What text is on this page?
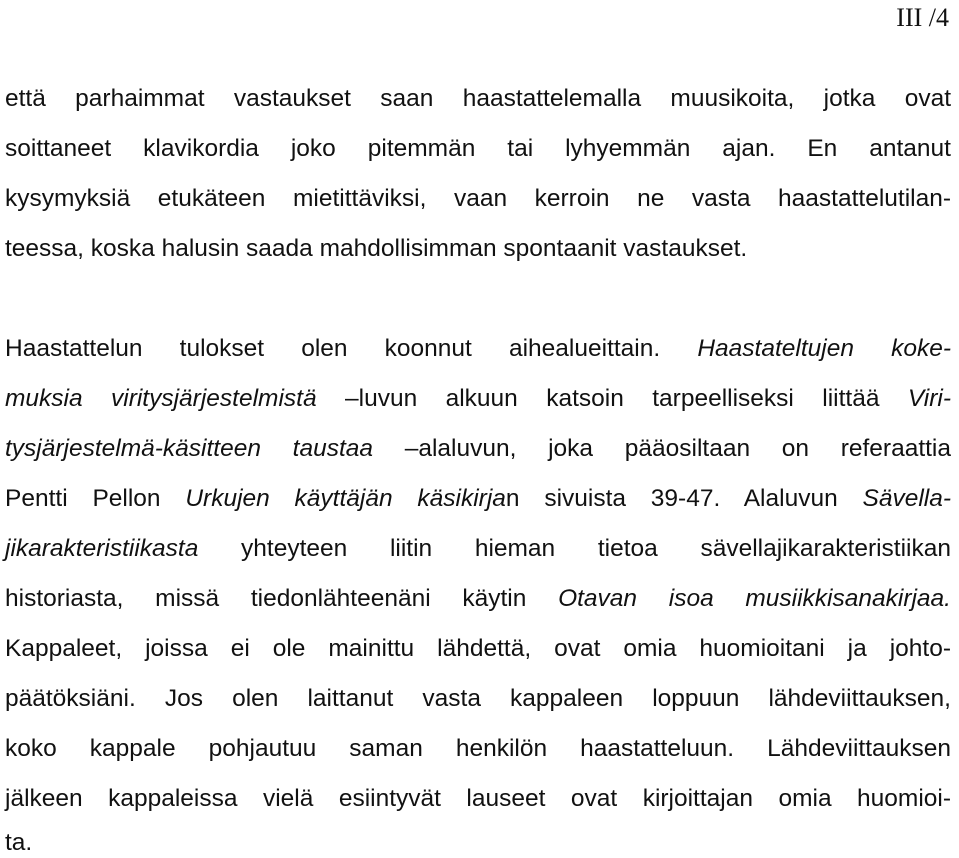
III /4
että parhaimmat vastaukset saan haastattelemalla muusikoita, jotka ovat
soittaneet klavikordia joko pitemmän tai lyhyemmän ajan. En antanut
kysymyksiä etukäteen mietittäviksi, vaan kerroin ne vasta haastattelutilan-
teessa, koska halusin saada mahdollisimman spontaanit vastaukset.
Haastattelun tulokset olen koonnut aihealueittain. Haastateltujen koke-
muksia viritysjärjestelmistä –luvun alkuun katsoin tarpeelliseksi liittää Viri-
tysjärjestelmä-käsitteen taustaa –alaluvun, joka pääosiltaan on referaattia
Pentti Pellon Urkujen käyttäjän käsikirjan sivuista 39-47. Alaluvun Sävella-
jikarakteristiikasta yhteyteen liitin hieman tietoa sävellajikarakteristiikan
historiasta, missä tiedonlähteenäni käytin Otavan isoa musiikkisanakirjaa.
Kappaleet, joissa ei ole mainittu lähdettä, ovat omia huomioitani ja johto-
päätöksiäni. Jos olen laittanut vasta kappaleen loppuun lähdeviittauksen,
koko kappale pohjautuu saman henkilön haastatteluun. Lähdeviittauksen
jälkeen kappaleissa vielä esiintyvät lauseet ovat kirjoittajan omia huomioi-
ta.
